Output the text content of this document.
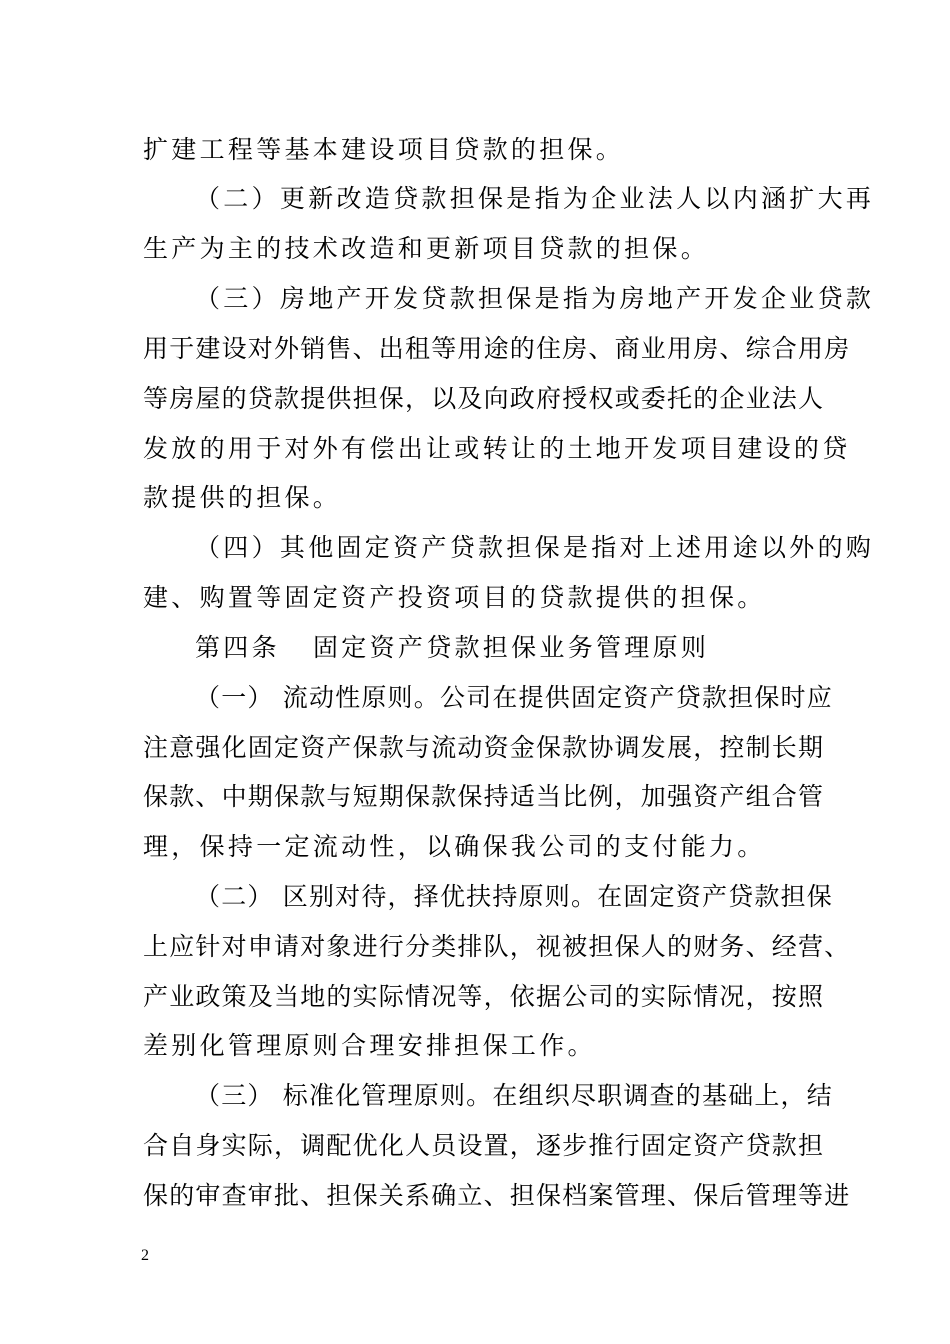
扩建工程等基本建设项目贷款的担保。
（二）更新改造贷款担保是指为企业法人以内涵扩大再
生产为主的技术改造和更新项目贷款的担保。
（三）房地产开发贷款担保是指为房地产开发企业贷款
用于建设对外销售、出租等用途的住房、商业用房、综合用房
等房屋的贷款提供担保，以及向政府授权或委托的企业法人
发放的用于对外有偿出让或转让的土地开发项目建设的贷
款提供的担保。
（四）其他固定资产贷款担保是指对上述用途以外的购
建、购置等固定资产投资项目的贷款提供的担保。
第四条 固定资产贷款担保业务管理原则
（一） 流动性原则。公司在提供固定资产贷款担保时应
注意强化固定资产保款与流动资金保款协调发展，控制长期
保款、中期保款与短期保款保持适当比例，加强资产组合管
理，保持一定流动性，以确保我公司的支付能力。
（二） 区别对待，择优扶持原则。在固定资产贷款担保
上应针对申请对象进行分类排队，视被担保人的财务、经营、
产业政策及当地的实际情况等，依据公司的实际情况，按照
差别化管理原则合理安排担保工作。
（三） 标准化管理原则。在组织尽职调查的基础上，结
合自身实际，调配优化人员设置，逐步推行固定资产贷款担
保的审查审批、担保关系确立、担保档案管理、保后管理等进
2
